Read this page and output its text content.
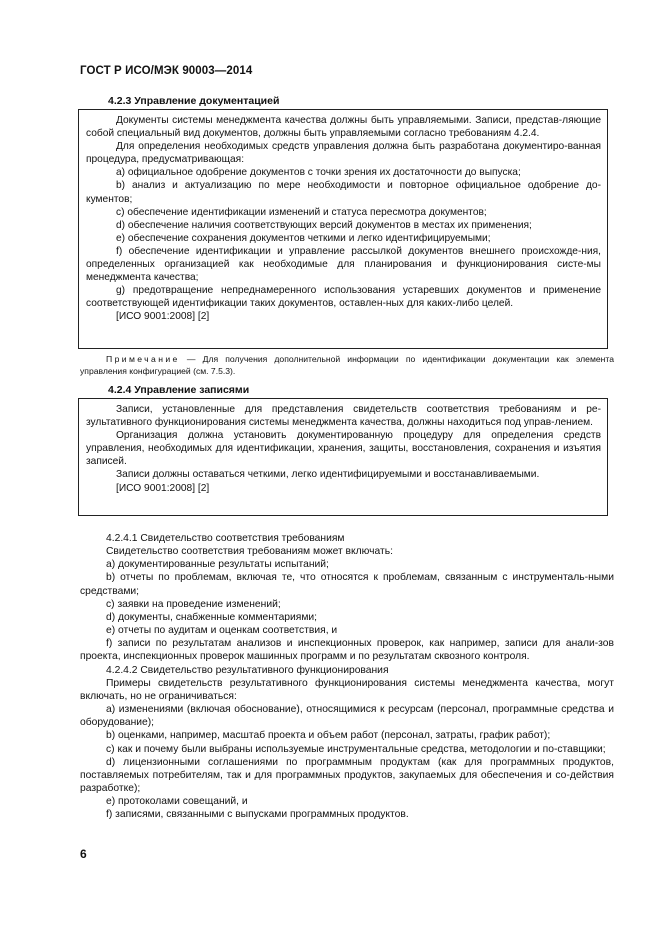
ГОСТ Р ИСО/МЭК 90003—2014
4.2.3 Управление документацией

Документы системы менеджмента качества должны быть управляемыми. Записи, представ-ляющие собой специальный вид документов, должны быть управляемыми согласно требованиям 4.2.4.

Для определения необходимых средств управления должна быть разработана документиро-ванная процедура, предусматривающая:

а) официальное одобрение документов с точки зрения их достаточности до выпуска;

b) анализ и актуализацию по мере необходимости и повторное официальное одобрение до-кументов;

c) обеспечение идентификации изменений и статуса пересмотра документов;

d) обеспечение наличия соответствующих версий документов в местах их применения;

e) обеспечение сохранения документов четкими и легко идентифицируемыми;

f) обеспечение идентификации и управление рассылкой документов внешнего происхожде-ния, определенных организацией как необходимые для планирования и функционирования систе-мы менеджмента качества;

g) предотвращение непреднамеренного использования устаревших документов и применение соответствующей идентификации таких документов, оставлен-ных для каких-либо целей.

[ИСО 9001:2008] [2]

Примечание — Для получения дополнительной информации по идентификации документации как элемента управления конфигурацией (см. 7.5.3).
4.2.4 Управление записями

Записи, установленные для представления свидетельств соответствия требованиям и ре-зультативного функционирования системы менеджмента качества, должны находиться под управ-лением.

Организация должна установить документированную процедуру для определения средств управления, необходимых для идентификации, хранения, защиты, восстановления, сохранения и изъятия записей.

Записи должны оставаться четкими, легко идентифицируемыми и восстанавливаемыми.

[ИСО 9001:2008] [2]

4.2.4.1 Свидетельство соответствия требованиям

Свидетельство соответствия требованиям может включать:

а) документированные результаты испытаний;

b) отчеты по проблемам, включая те, что относятся к проблемам, связанным с инструменталь-ными средствами;

c) заявки на проведение изменений;

d) документы, снабженные комментариями;

e) отчеты по аудитам и оценкам соответствия, и

f) записи по результатам анализов и инспекционных проверок, как например, записи для анали-зов проекта, инспекционных проверок машинных программ и по результатам сквозного контроля.

4.2.4.2 Свидетельство результативного функционирования

Примеры свидетельств результативного функционирования системы менеджмента качества, могут включать, но не ограничиваться:

а) изменениями (включая обоснование), относящимися к ресурсам (персонал, программные средства и оборудование);

b) оценками, например, масштаб проекта и объем работ (персонал, затраты, график работ);

c) как и почему были выбраны используемые инструментальные средства, методологии и по-ставщики;

d) лицензионными соглашениями по программным продуктам (как для программных продуктов, поставляемых потребителям, так и для программных продуктов, закупаемых для обеспечения и со-действия разработке);

e) протоколами совещаний, и

f) записями, связанными с выпусками программных продуктов.

6
